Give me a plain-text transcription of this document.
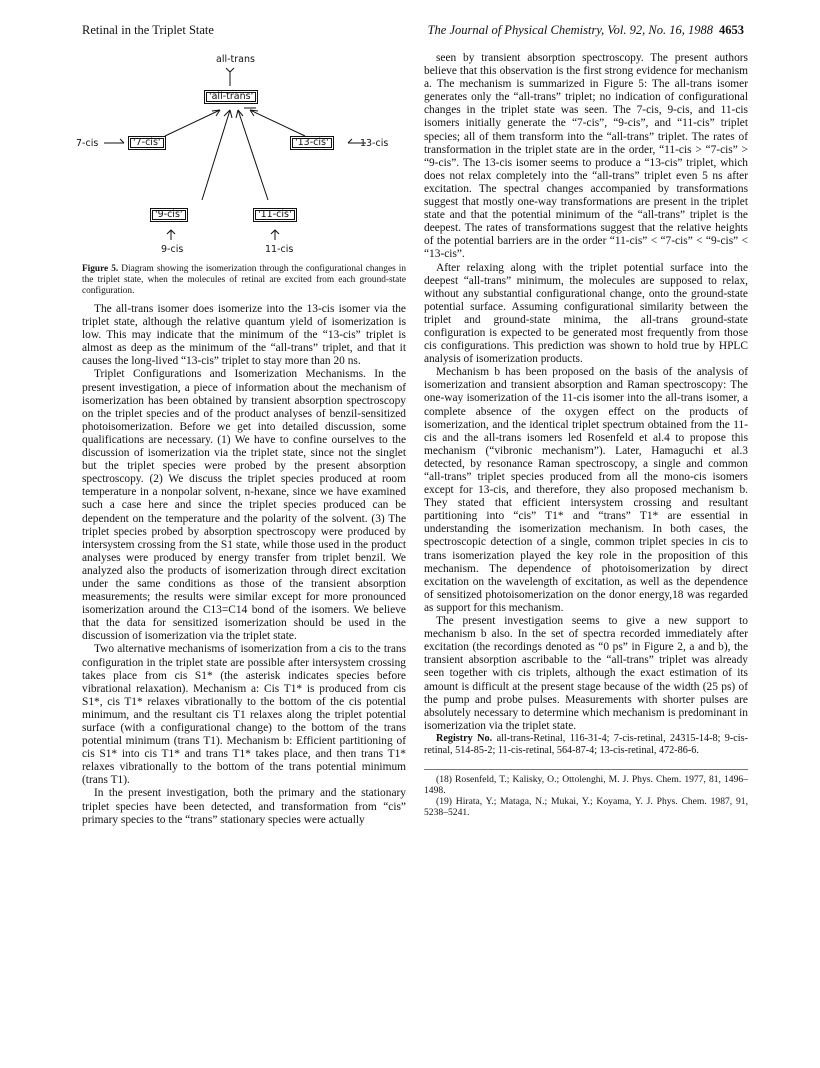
Retinal in the Triplet State	The Journal of Physical Chemistry, Vol. 92, No. 16, 1988 4653
all-trans
'all-trans'
7-cis	'7-cis'	'13-cis'	13-cis
'9-cis'	'11-cis'
9-cis	11-cis
Figure 5. Diagram showing the isomerization through the configurational changes in the triplet state, when the molecules of retinal are excited from each ground-state configuration.

The all-trans isomer does isomerize into the 13-cis isomer via the triplet state, although the relative quantum yield of isomerization is low. This may indicate that the minimum of the “13-cis” triplet is almost as deep as the minimum of the “all-trans” triplet, and that it causes the long-lived “13-cis” triplet to stay more than 20 ns.

Triplet Configurations and Isomerization Mechanisms. In the present investigation, a piece of information about the mechanism of isomerization has been obtained by transient absorption spectroscopy on the triplet species and of the product analyses of benzil-sensitized photoisomerization. Before we get into detailed discussion, some qualifications are necessary. (1) We have to confine ourselves to the discussion of isomerization via the triplet state, since not the singlet but the triplet species were probed by the present absorption spectroscopy. (2) We discuss the triplet species produced at room temperature in a nonpolar solvent, n-hexane, since we have examined such a case here and since the triplet species produced can be dependent on the temperature and the polarity of the solvent. (3) The triplet species probed by absorption spectroscopy were produced by intersystem crossing from the S1 state, while those used in the product analyses were produced by energy transfer from triplet benzil. We analyzed also the products of isomerization through direct excitation under the same conditions as those of the transient absorption measurements; the results were similar except for more pronounced isomerization around the C13=C14 bond of the isomers. We believe that the data for sensitized isomerization should be used in the discussion of isomerization via the triplet state.

Two alternative mechanisms of isomerization from a cis to the trans configuration in the triplet state are possible after intersystem crossing takes place from cis S1* (the asterisk indicates species before vibrational relaxation). Mechanism a: Cis T1* is produced from cis S1*, cis T1* relaxes vibrationally to the bottom of the cis potential minimum, and the resultant cis T1 relaxes along the triplet potential surface (with a configurational change) to the bottom of the trans potential minimum (trans T1). Mechanism b: Efficient partitioning of cis S1* into cis T1* and trans T1* takes place, and then trans T1* relaxes vibrationally to the bottom of the trans potential minimum (trans T1).

In the present investigation, both the primary and the stationary triplet species have been detected, and transformation from “cis” primary species to the “trans” stationary species were actually

seen by transient absorption spectroscopy. The present authors believe that this observation is the first strong evidence for mechanism a. The mechanism is summarized in Figure 5: The all-trans isomer generates only the “all-trans” triplet; no indication of configurational changes in the triplet state was seen. The 7-cis, 9-cis, and 11-cis isomers initially generate the “7-cis”, “9-cis”, and “11-cis” triplet species; all of them transform into the “all-trans” triplet. The rates of transformation in the triplet state are in the order, “11-cis > “7-cis” > “9-cis”. The 13-cis isomer seems to produce a “13-cis” triplet, which does not relax completely into the “all-trans” triplet even 5 ns after excitation. The spectral changes accompanied by transformations suggest that mostly one-way transformations are present in the triplet state and that the potential minimum of the “all-trans” triplet is the deepest. The rates of transformations suggest that the relative heights of the potential barriers are in the order “11-cis” < “7-cis” < “9-cis” < “13-cis”.

After relaxing along with the triplet potential surface into the deepest “all-trans” minimum, the molecules are supposed to relax, without any substantial configurational change, onto the ground-state potential surface. Assuming configurational similarity between the triplet and ground-state minima, the all-trans ground-state configuration is expected to be generated most frequently from those cis configurations. This prediction was shown to hold true by HPLC analysis of isomerization products.

Mechanism b has been proposed on the basis of the analysis of isomerization and transient absorption and Raman spectroscopy: The one-way isomerization of the 11-cis isomer into the all-trans isomer, a complete absence of the oxygen effect on the products of isomerization, and the identical triplet spectrum obtained from the 11-cis and the all-trans isomers led Rosenfeld et al.4 to propose this mechanism (“vibronic mechanism”). Later, Hamaguchi et al.3 detected, by resonance Raman spectroscopy, a single and common “all-trans” triplet species produced from all the mono-cis isomers except for 13-cis, and therefore, they also proposed mechanism b. They stated that efficient intersystem crossing and resultant partitioning into “cis” T1* and “trans” T1* are essential in understanding the isomerization mechanism. In both cases, the spectroscopic detection of a single, common triplet species in cis to trans isomerization played the key role in the proposition of this mechanism. The dependence of photoisomerization by direct excitation on the wavelength of excitation, as well as the dependence of sensitized photoisomerization on the donor energy,18 was regarded as support for this mechanism.

The present investigation seems to give a new support to mechanism b also. In the set of spectra recorded immediately after excitation (the recordings denoted as “0 ps” in Figure 2, a and b), the transient absorption ascribable to the “all-trans” triplet was already seen together with cis triplets, although the exact estimation of its amount is difficult at the present stage because of the width (25 ps) of the pump and probe pulses. Measurements with shorter pulses are absolutely necessary to determine which mechanism is predominant in isomerization via the triplet state.

Registry No. all-trans-Retinal, 116-31-4; 7-cis-retinal, 24315-14-8; 9-cis-retinal, 514-85-2; 11-cis-retinal, 564-87-4; 13-cis-retinal, 472-86-6.

(18) Rosenfeld, T.; Kalisky, O.; Ottolenghi, M. J. Phys. Chem. 1977, 81, 1496–1498.
(19) Hirata, Y.; Mataga, N.; Mukai, Y.; Koyama, Y. J. Phys. Chem. 1987, 91, 5238–5241.
